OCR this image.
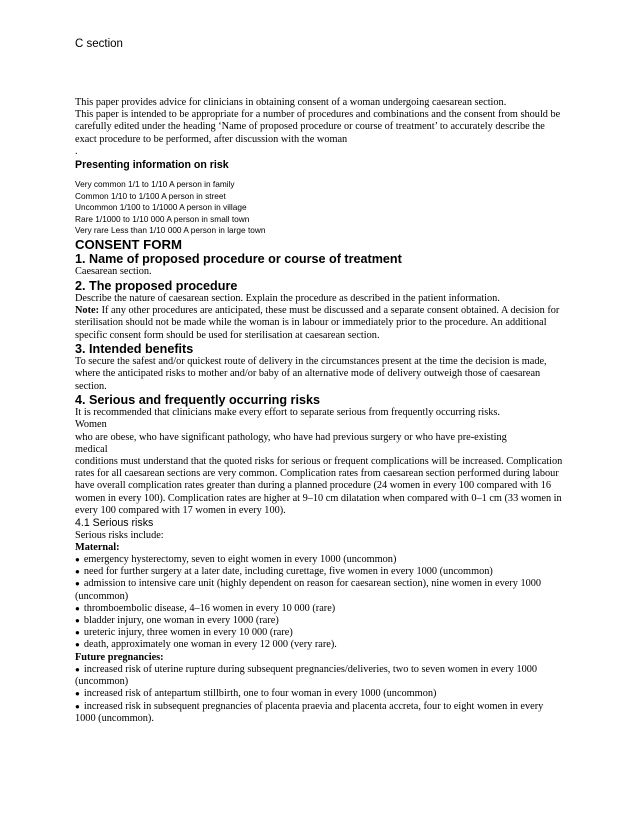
C section

This paper provides advice for clinicians in obtaining consent of a woman undergoing caesarean section.

This paper is intended to be appropriate for a number of procedures and combinations and the consent from should be carefully edited under the heading ‘Name of proposed procedure or course of treatment’ to accurately describe the exact procedure to be performed, after discussion with the woman

.

Presenting information on risk

Very common 1/1 to 1/10 A person in family

Common 1/10 to 1/100 A person in street

Uncommon 1/100 to 1/1000 A person in village

Rare 1/1000 to 1/10 000 A person in small town

Very rare Less than 1/10 000 A person in large town

CONSENT FORM
1. Name of proposed procedure or course of treatment

Caesarean section.

2. The proposed procedure

Describe the nature of caesarean section. Explain the procedure as described in the patient information.

Note: If any other procedures are anticipated, these must be discussed and a separate consent obtained. A decision for sterilisation should not be made while the woman is in labour or immediately prior to the procedure. An additional specific consent form should be used for sterilisation at caesarean section.

3. Intended benefits

To secure the safest and/or quickest route of delivery in the circumstances present at the time the decision is made, where the anticipated risks to mother and/or baby of an alternative mode of delivery outweigh those of caesarean section.

4. Serious and frequently occurring risks

It is recommended that clinicians make every effort to separate serious from frequently occurring risks.

Women

who are obese, who have significant pathology, who have had previous surgery or who have pre-existing

medical

conditions must understand that the quoted risks for serious or frequent complications will be increased. Complication rates for all caesarean sections are very common. Complication rates from caesarean section performed during labour have overall complication rates greater than during a planned procedure (24 women in every 100 compared with 16 women in every 100). Complication rates are higher at 9–10 cm dilatation when compared with 0–1 cm (33 women in every 100 compared with 17 women in every 100).

4.1 Serious risks

Serious risks include:

Maternal:

●  emergency hysterectomy, seven to eight women in every 1000 (uncommon)

●  need for further surgery at a later date, including curettage, five women in every 1000 (uncommon)

●  admission to intensive care unit (highly dependent on reason for caesarean section), nine women in every 1000 (uncommon)

●  thromboembolic disease, 4–16 women in every 10 000 (rare)

●  bladder injury, one woman in every 1000 (rare)

●  ureteric injury, three women in every 10 000 (rare)

●  death, approximately one woman in every 12 000 (very rare).

Future pregnancies:

●  increased risk of uterine rupture during subsequent pregnancies/deliveries, two to seven women in every 1000 (uncommon)

●  increased risk of antepartum stillbirth, one to four woman in every 1000 (uncommon)

●  increased risk in subsequent pregnancies of placenta praevia and placenta accreta, four to eight women in every 1000 (uncommon).
